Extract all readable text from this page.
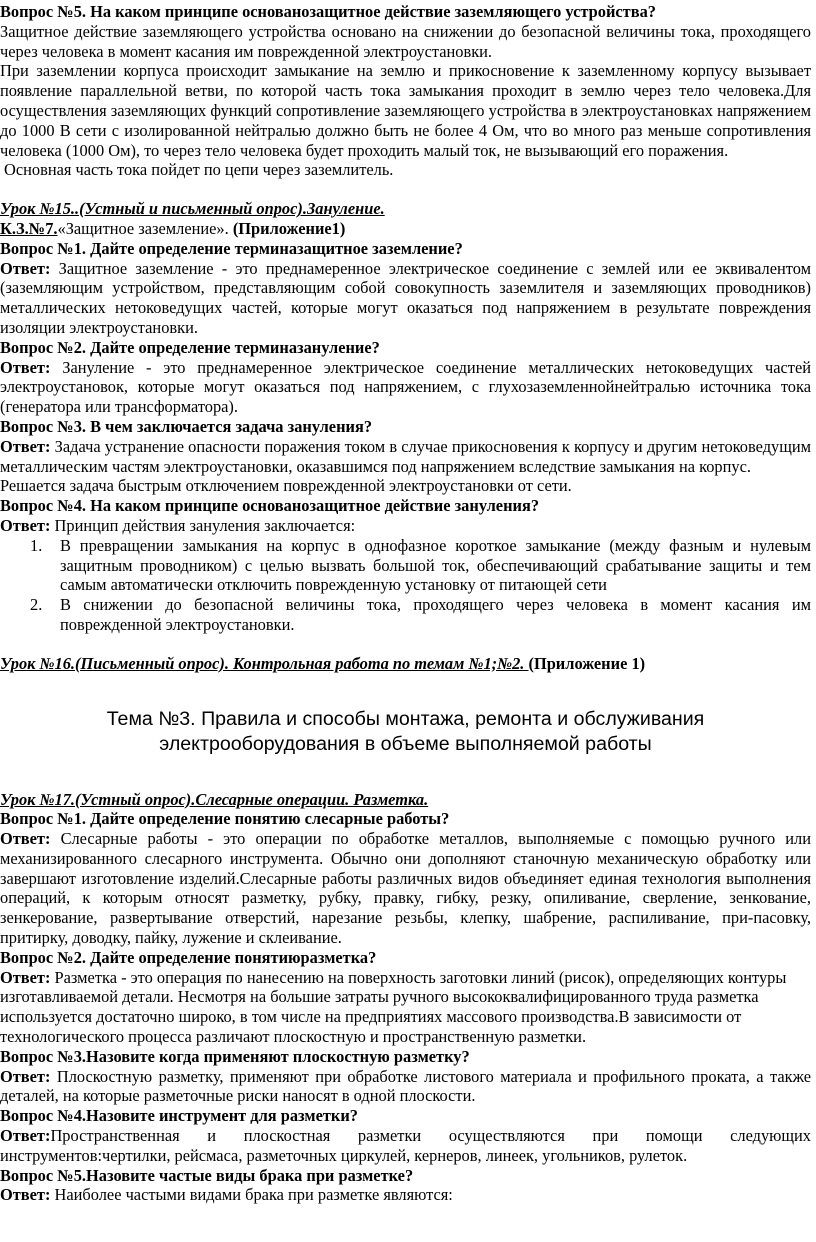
Вопрос №5. На каком принципе основанозащитное действие заземляющего устройства?

Защитное действие заземляющего устройства основано на снижении до безопасной величины тока, проходящего через человека в момент касания им поврежденной электроустановки.

При заземлении корпуса происходит замыкание на землю и прикосновение к заземленному корпусу вызывает появление параллельной ветви, по которой часть тока замыкания проходит в землю через тело человека.Для осуществления заземляющих функций сопротивление заземляющего устройства в электроустановках напряжением до 1000 В сети с изолированной нейтралью должно быть не более 4 Ом, что во много раз меньше сопротивления человека (1000 Ом), то через тело человека будет проходить малый ток, не вызывающий его поражения.

Основная часть тока пойдет по цепи через заземлитель.

Урок №15..(Устный и письменный опрос).Зануление.

К.З.№7.«Защитное заземление». (Приложение1)

Вопрос №1. Дайте определение терминазащитное заземление?

Ответ: Защитное заземление - это преднамеренное электрическое соединение с землей или ее эквивалентом (заземляющим устройством, представляющим собой совокупность заземлителя и заземляющих проводников) металлических нетоковедущих частей, которые могут оказаться под напряжением в результате повреждения изоляции электроустановки.

Вопрос №2. Дайте определение терминазануление?

Ответ: Зануление - это преднамеренное электрическое соединение металлических нетоковедущих частей электроустановок, которые могут оказаться под напряжением, с глухозаземленнойнейтралью источника тока (генератора или трансформатора).

Вопрос №3. В чем заключается задача зануления?

Ответ: Задача устранение опасности поражения током в случае прикосновения к корпусу и другим нетоковедущим металлическим частям электроустановки, оказавшимся под напряжением вследствие замыкания на корпус.

Решается задача быстрым отключением поврежденной электроустановки от сети.

Вопрос №4. На каком принципе основанозащитное действие зануления?

Ответ: Принцип действия зануления заключается:

1. В превращении замыкания на корпус в однофазное короткое замыкание (между фазным и нулевым защитным проводником) с целью вызвать большой ток, обеспечивающий срабатывание защиты и тем самым автоматически отключить поврежденную установку от питающей сети
2. В снижении до безопасной величины тока, проходящего через человека в момент касания им поврежденной электроустановки.

Урок №16.(Письменный опрос). Контрольная работа по темам №1;№2. (Приложение 1)

Тема №3. Правила и способы монтажа, ремонта и обслуживания электрооборудования в объеме выполняемой работы

Урок №17.(Устный опрос).Слесарные операции. Разметка.

Вопрос №1. Дайте определение понятию слесарные работы?

Ответ: Слесарные работы - это операции по обработке металлов, выполняемые с помощью ручного или механизированного слесарного инструмента. Обычно они дополняют станочную механическую обработку или завершают изготовление изделий.Слесарные работы различных видов объединяет единая технология выполнения операций, к которым относят разметку, рубку, правку, гибку, резку, опиливание, сверление, зенкование, зенкерование, развертывание отверстий, нарезание резьбы, клепку, шабрение, распиливание, при-пасовку, притирку, доводку, пайку, лужение и склеивание.

Вопрос №2. Дайте определение понятиюразметка?

Ответ: Разметка - это операция по нанесению на поверхность заготовки линий (рисок), определяющих контуры изготавливаемой детали. Несмотря на большие затраты ручного высококвалифицированного труда разметка используется достаточно широко, в том числе на предприятиях массового производства.В зависимости от технологического процесса различают плоскостную и пространственную разметки.

Вопрос №3.Назовите когда применяют плоскостную разметку?

Ответ: Плоскостную разметку, применяют при обработке листового материала и профильного проката, а также деталей, на которые разметочные риски наносят в одной плоскости.

Вопрос №4.Назовите инструмент для разметки?

Ответ:Пространственная и плоскостная разметки осуществляются при помощи следующих инструментов:чертилки, рейсмаса, разметочных циркулей, кернеров, линеек, угольников, рулеток.

Вопрос №5.Назовите частые виды брака при разметке?

Ответ: Наиболее частыми видами брака при разметке являются:
